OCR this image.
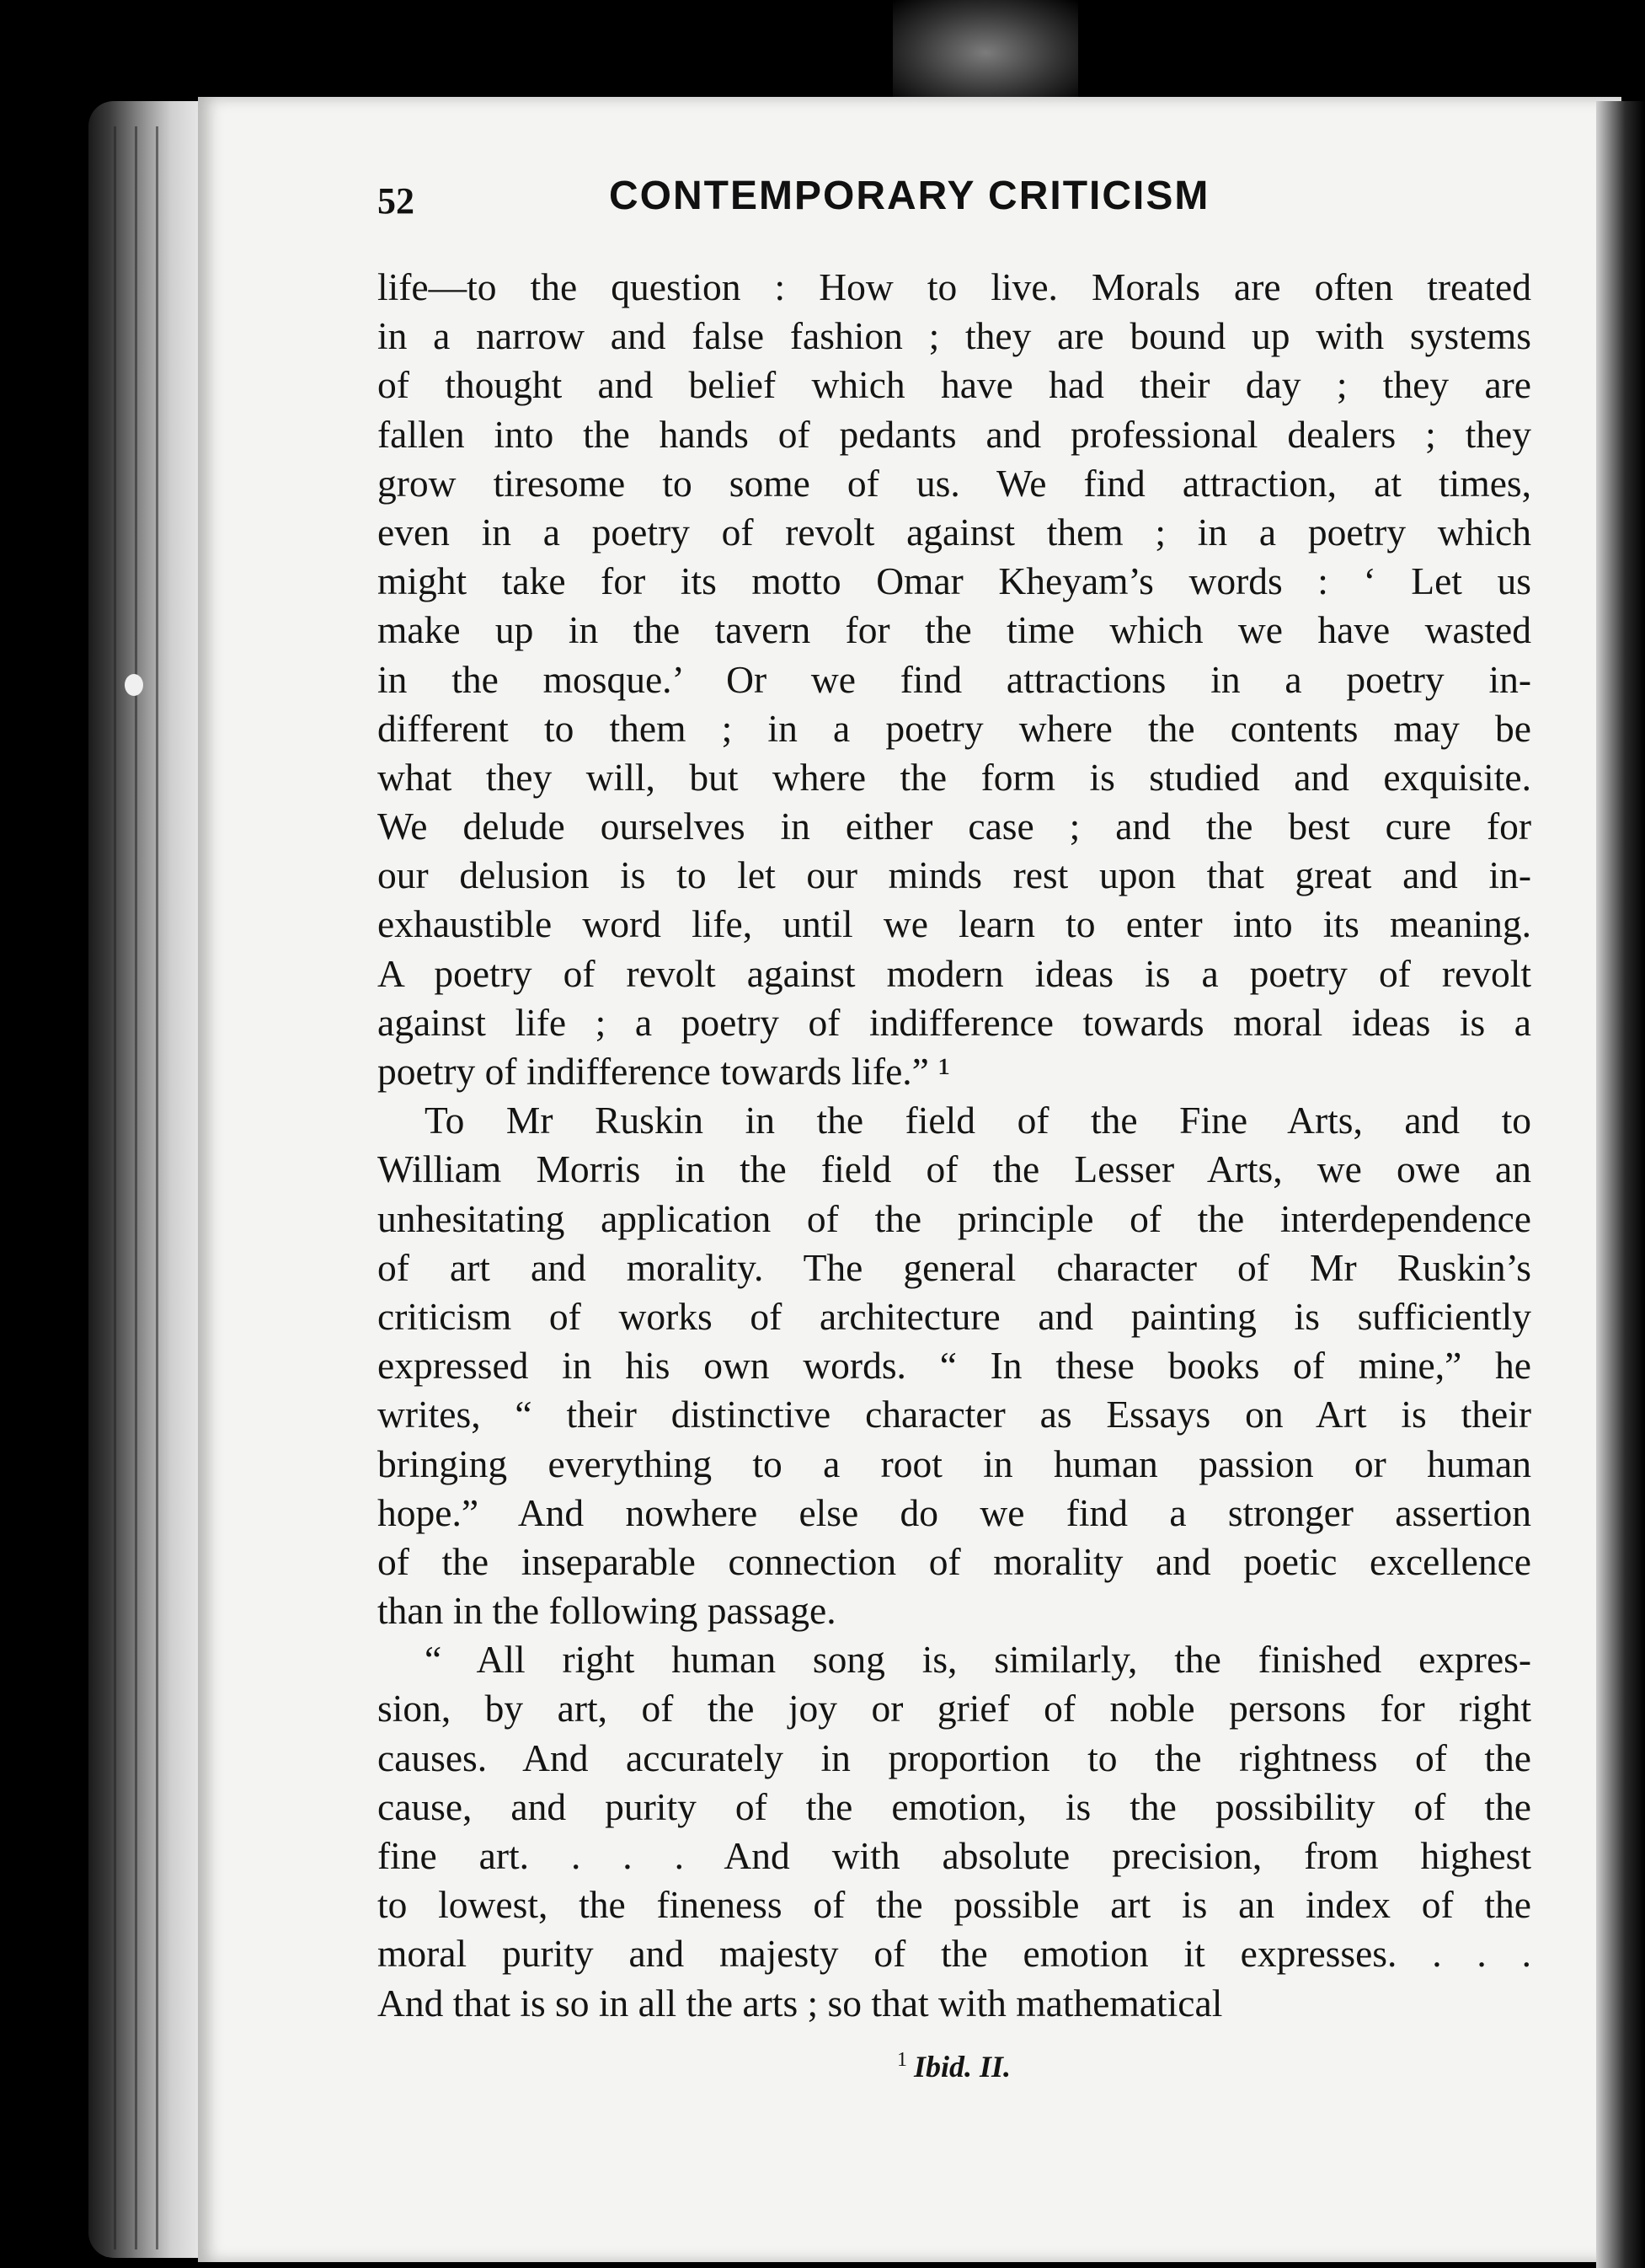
52	CONTEMPORARY CRITICISM

life—to the question : How to live. Morals are often treated
in a narrow and false fashion ; they are bound up with systems
of thought and belief which have had their day ; they are
fallen into the hands of pedants and professional dealers ; they
grow tiresome to some of us. We find attraction, at times,
even in a poetry of revolt against them ; in a poetry which
might take for its motto Omar Kheyam’s words : ‘ Let us
make up in the tavern for the time which we have wasted
in the mosque.’ Or we find attractions in a poetry in-
different to them ; in a poetry where the contents may be
what they will, but where the form is studied and exquisite.
We delude ourselves in either case ; and the best cure for
our delusion is to let our minds rest upon that great and in-
exhaustible word life, until we learn to enter into its meaning.
A poetry of revolt against modern ideas is a poetry of revolt
against life ; a poetry of indifference towards moral ideas is a
poetry of indifference towards life.” ¹

To Mr Ruskin in the field of the Fine Arts, and to
William Morris in the field of the Lesser Arts, we owe an
unhesitating application of the principle of the interdependence
of art and morality. The general character of Mr Ruskin’s
criticism of works of architecture and painting is sufficiently
expressed in his own words. “ In these books of mine,” he
writes, “ their distinctive character as Essays on Art is their
bringing everything to a root in human passion or human
hope.” And nowhere else do we find a stronger assertion
of the inseparable connection of morality and poetic excellence
than in the following passage.

“ All right human song is, similarly, the finished expres-
sion, by art, of the joy or grief of noble persons for right
causes. And accurately in proportion to the rightness of the
cause, and purity of the emotion, is the possibility of the
fine art. . . . And with absolute precision, from highest
to lowest, the fineness of the possible art is an index of the
moral purity and majesty of the emotion it expresses. . . .
And that is so in all the arts ; so that with mathematical

$^1$ Ibid. II.
